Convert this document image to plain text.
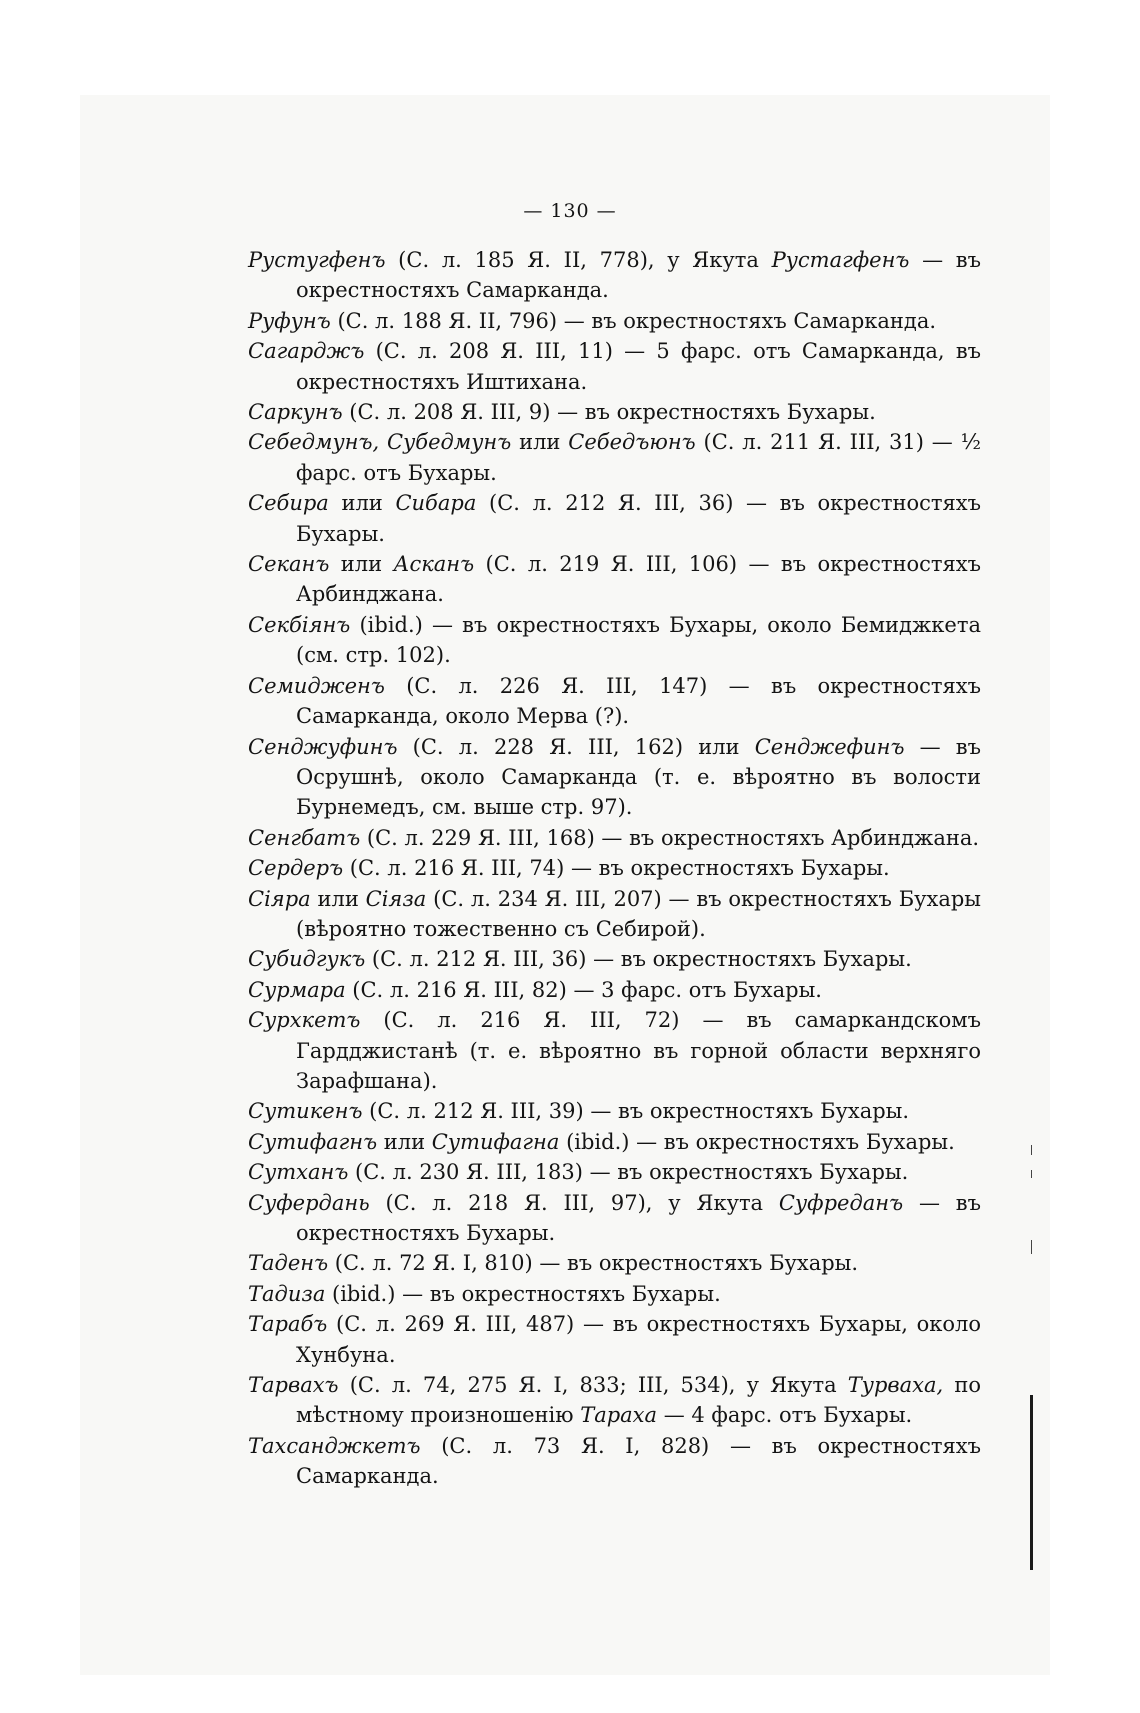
— 130 —

Рустугфенъ (С. л. 185 Я. II, 778), у Якута Рустагфенъ — въ окрестностяхъ Самарканда.

Руфунъ (С. л. 188 Я. II, 796) — въ окрестностяхъ Самарканда.

Сагарджъ (С. л. 208 Я. III, 11) — 5 фарс. отъ Самарканда, въ окрестностяхъ Иштихана.

Саркунъ (С. л. 208 Я. III, 9) — въ окрестностяхъ Бухары.

Себедмунъ, Субедмунъ или Себедъюнъ (С. л. 211 Я. III, 31) — ½ фарс. отъ Бухары.

Себира или Сибара (С. л. 212 Я. III, 36) — въ окрестностяхъ Бухары.

Секанъ или Асканъ (С. л. 219 Я. III, 106) — въ окрестностяхъ Арбинджана.

Секбіянъ (ibid.) — въ окрестностяхъ Бухары, около Бемиджкета (см. стр. 102).

Семидженъ (С. л. 226 Я. III, 147) — въ окрестностяхъ Самарканда, около Мерва (?).

Сенджуфинъ (С. л. 228 Я. III, 162) или Сенджефинъ — въ Осрушнѣ, около Самарканда (т. е. вѣроятно въ волости Бурнемедъ, см. выше стр. 97).

Сенгбатъ (С. л. 229 Я. III, 168) — въ окрестностяхъ Арбинджана.

Сердеръ (С. л. 216 Я. III, 74) — въ окрестностяхъ Бухары.

Сіяра или Сіяза (С. л. 234 Я. III, 207) — въ окрестностяхъ Бухары (вѣроятно тожественно съ Себирой).

Субидгукъ (С. л. 212 Я. III, 36) — въ окрестностяхъ Бухары.

Сурмара (С. л. 216 Я. III, 82) — 3 фарс. отъ Бухары.

Сурхкетъ (С. л. 216 Я. III, 72) — въ самаркандскомъ Гардджистанѣ (т. е. вѣроятно въ горной области верхняго Зарафшана).

Сутикенъ (С. л. 212 Я. III, 39) — въ окрестностяхъ Бухары.

Сутифагнъ или Сутифагна (ibid.) — въ окрестностяхъ Бухары.

Сутханъ (С. л. 230 Я. III, 183) — въ окрестностяхъ Бухары.

Суфердань (С. л. 218 Я. III, 97), у Якута Суфреданъ — въ окрестностяхъ Бухары.

Таденъ (С. л. 72 Я. I, 810) — въ окрестностяхъ Бухары.

Тадиза (ibid.) — въ окрестностяхъ Бухары.

Тарабъ (С. л. 269 Я. III, 487) — въ окрестностяхъ Бухары, около Хунбуна.

Тарвахъ (С. л. 74, 275 Я. I, 833; III, 534), у Якута Турваха, по мѣстному произношенію Тараха — 4 фарс. отъ Бухары.

Тахсанджкетъ (С. л. 73 Я. I, 828) — въ окрестностяхъ Самарканда.
